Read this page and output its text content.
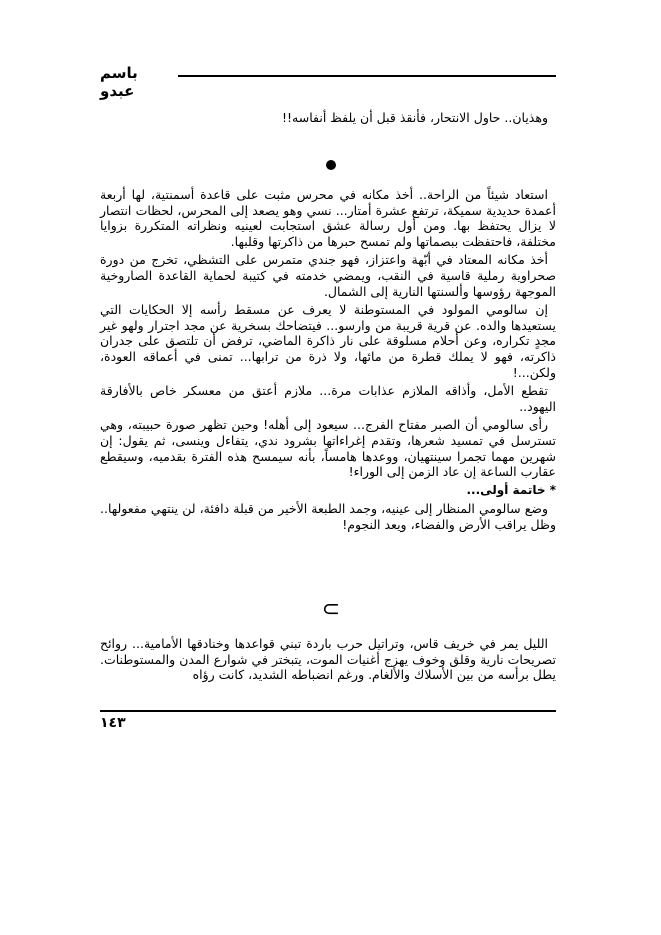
باسم عبدو

وهذيان.. حاول الانتحار، فأنقذ قبل أن يلفظ أنفاسه!!

استعاد شيئاً من الراحة.. أخذ مكانه في محرس مثبت على قاعدة أسمنتية، لها أربعة أعمدة حديدية سميكة، ترتفع عشرة أمتار... نسي وهو يصعد إلى المحرس، لحظات انتصار لا يزال يحتفظ بها. ومن أول رسالة عشق استجابت لعينيه ونظراته المتكررة بزوايا مختلفة، فاحتفظت ببصماتها ولم تمسح حبرها من ذاكرتها وقلبها.

أخذ مكانه المعتاد في أبّهة واعتزاز، فهو جندي متمرس على التشظي، تخرج من دورة صحراوية رملية قاسية في النقب، ويمضي خدمته في كتيبة لحماية القاعدة الصاروخية الموجهة رؤوسها وألسنتها النارية إلى الشمال.

إن سالومي المولود في المستوطنة لا يعرف عن مسقط رأسه إلا الحكايات التي يستعيدها والده. عن قرية قريبة من وارسو... فيتضاحك بسخرية عن مجد اجترار ولهو غير مجدٍ تكراره، وعن أحلام مسلوقة على نار ذاكرة الماضي، ترفض أن تلتصق على جدران ذاكرته، فهو لا يملك قطرة من مائها، ولا ذرة من ترابها... تمنى في أعماقه العودة، ولكن...!

تقطع الأمل، وأذاقه الملازم عذابات مرة... ملازم أعتق من معسكر خاص بالأفارقة اليهود..

رأى سالومي أن الصبر مفتاح الفرج... سيعود إلى أهله! وحين تظهر صورة حبيبته، وهي تسترسل في تمسيد شعرها، وتقدم إغراءاتها بشرود ندي، يتفاءل وينسى، ثم يقول: إن شهرين مهما تجمرا سينتهيان، ووعدها هامساً، بأنه سيمسح هذه الفترة بقدميه، وسيقطع عقارب الساعة إن عاد الزمن إلى الوراء!

* خاتمة أولى...

وضع سالومي المنظار إلى عينيه، وجمد الطبعة الأخير من قبلة دافئة، لن ينتهي مفعولها.. وظل يراقب الأرض والفضاء، ويعد النجوم!

⊂

الليل يمر في خريف قاس، وتراتيل حرب باردة تبني قواعدها وخنادقها الأمامية... روائح تصريحات نارية وقلق وخوف يهزج أغنيات الموت، يتبختر في شوارع المدن والمستوطنات. يطل برأسه من بين الأسلاك والألغام. ورغم انضباطه الشديد، كانت رؤاه

١٤٣
